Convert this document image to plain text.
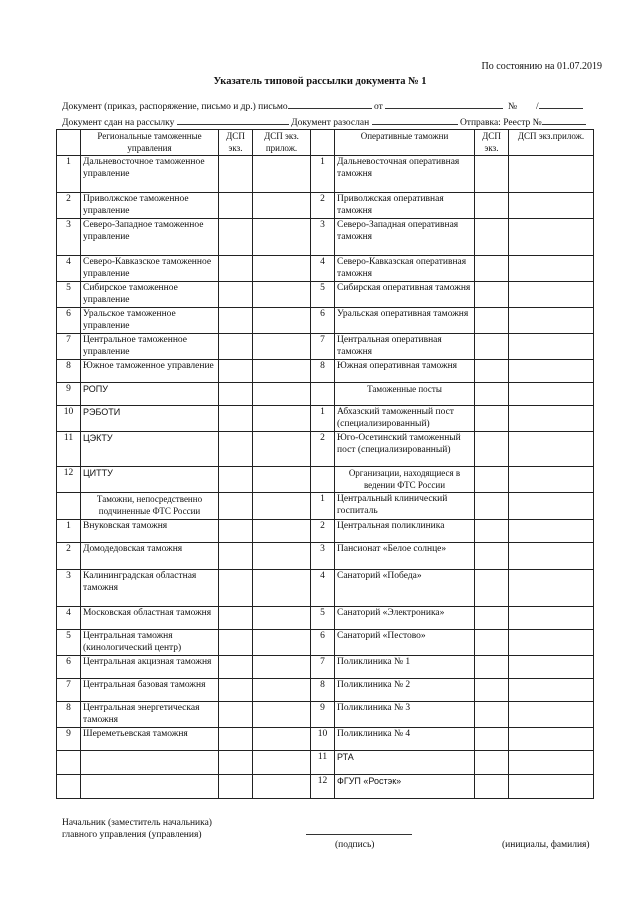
По состоянию на 01.07.2019
Указатель типовой рассылки документа № 1
Документ (приказ, распоряжение, письмо и др.) письмо	от	№ /
Документ сдан на рассылку	Документ разослан	Отправка: Реестр №
	Региональные таможенные управления	ДСП экз.	ДСП экз. прилож.		Оперативные таможни	ДСП экз.	ДСП экз.прилож.
1	Дальневосточное таможенное управление			1	Дальневосточная оперативная таможня		
2	Приволжское таможенное управление			2	Приволжская оперативная таможня		
3	Северо-Западное таможенное управление			3	Северо-Западная оперативная таможня		
4	Северо-Кавказское таможенное управление			4	Северо-Кавказская оперативная таможня		
5	Сибирское таможенное управление			5	Сибирская оперативная таможня		
6	Уральское таможенное управление			6	Уральская оперативная таможня		
7	Центральное таможенное управление			7	Центральная оперативная таможня		
8	Южное таможенное управление			8	Южная оперативная таможня		
9	РОПУ				Таможенные посты		
10	РЭБОТИ			1	Абхазский таможенный пост (специализированный)		
11	ЦЭКТУ			2	Юго-Осетинский таможенный пост (специализированный)		
12	ЦИТТУ				Организации, находящиеся в ведении ФТС России		
	Таможни, непосредственно подчиненные ФТС России			1	Центральный клинический госпиталь		
1	Внуковская таможня			2	Центральная поликлиника		
2	Домодедовская таможня			3	Пансионат «Белое солнце»		
3	Калининградская областная таможня			4	Санаторий «Победа»		
4	Московская областная таможня			5	Санаторий «Электроника»		
5	Центральная таможня (кинологический центр)			6	Санаторий «Пестово»		
6	Центральная акцизная таможня			7	Поликлиника № 1		
7	Центральная базовая таможня			8	Поликлиника № 2		
8	Центральная энергетическая таможня			9	Поликлиника № 3		
9	Шереметьевская таможня			10	Поликлиника № 4		
				11	РТА		
				12	ФГУП «Ростэк»		
Начальник (заместитель начальника)
главного управления (управления)
(подпись)	(инициалы, фамилия)
